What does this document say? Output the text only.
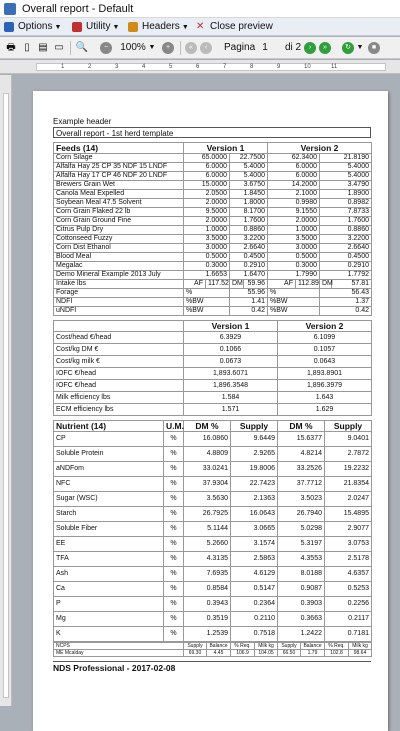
Overall report - Default
Options ▼	Utility ▼	Headers ▼ ✕ Close preview
🖶 ▯ ▤ ▭ 🔍	−	100% ▼	+	«	‹	Pagina 1	di 2	›	»	↻ ▼	■
1	2	3	4	5	6	7	8	9	10	11
Example header
Overall report - 1st herd template
Feeds (14)	Version 1				Version 2			
Corn Silage	65.0000		22.7500		62.3400		21.8190	
Alfalfa Hay 25 CP 35 NDF 15 LNDF	6.0000		5.4000		6.0000		5.4000	
Alfalfa Hay 17 CP 46 NDF 20 LNDF	6.0000		5.4000		6.0000		5.4000	
Brewers Grain Wet	15.0000		3.6750		14.2000		3.4790	
Canola Meal Expelled	2.0500		1.8450		2.1000		1.8900	
Soybean Meal 47.5 Solvent	2.0000		1.8000		0.9980		0.8982	
Corn Grain Flaked 22 lb	9.5000		8.1700		9.1550		7.8733	
Corn Grain Ground Fine	2.0000		1.7600		2.0000		1.7600	
Citrus Pulp Dry	1.0000		0.8860		1.0000		0.8860	
Cottonseed Fuzzy	3.5000		3.2200		3.5000		3.2200	
Corn Dist Ethanol	3.0000		2.6640		3.0000		2.6640	
Blood Meal	0.5000		0.4500		0.5000		0.4500	
Megalac	0.3000		0.2910		0.3000		0.2910	
Demo Mineral Example 2013 July	1.6653		1.6470		1.7990		1.7792	
Intake lbs	AF	117.52	DM	59.96	AF	112.89	DM	57.81
Forage	%		55.96		%		56.43	
NDFI	%BW		1.41		%BW		1.37	
uNDFI	%BW		0.42		%BW		0.42	
	Version 1	Version 2
Cost/head €/head	6.3929	6.1099
Cost/kg DM €	0.1066	0.1057
Cost/kg milk €	0.0673	0.0643
IOFC €/head	1,893.6071	1,893.8901
IOFC €/head	1,896.3548	1,896.3979
Milk efficiency lbs	1.584	1.643
ECM efficiency lbs	1.571	1.629
Nutrient (14)	U.M.	DM %	Supply	DM %	Supply
CP	%	16.0860	9.6449	15.6377	9.0401
Soluble Protein	%	4.8809	2.9265	4.8214	2.7872
aNDFom	%	33.0241	19.8006	33.2526	19.2232
NFC	%	37.9304	22.7423	37.7712	21.8354
Sugar (WSC)	%	3.5630	2.1363	3.5023	2.0247
Starch	%	26.7925	16.0643	26.7940	15.4895
Soluble Fiber	%	5.1144	3.0665	5.0298	2.9077
EE	%	5.2660	3.1574	5.3197	3.0753
TFA	%	4.3135	2.5863	4.3553	2.5178
Ash	%	7.6935	4.6129	8.0188	4.6357
Ca	%	0.8584	0.5147	0.9087	0.5253
P	%	0.3943	0.2364	0.3903	0.2256
Mg	%	0.3519	0.2110	0.3663	0.2117
K	%	1.2539	0.7518	1.2422	0.7181
NCPS	Supply	Balance	% Req.	Milk kg	Supply	Balance	% Req.	Milk kg
ME Mcalday	69.30	4.45	106.9	104.05	66.50	1.79	102.8	98.64
NDS Professional - 2017-02-08
